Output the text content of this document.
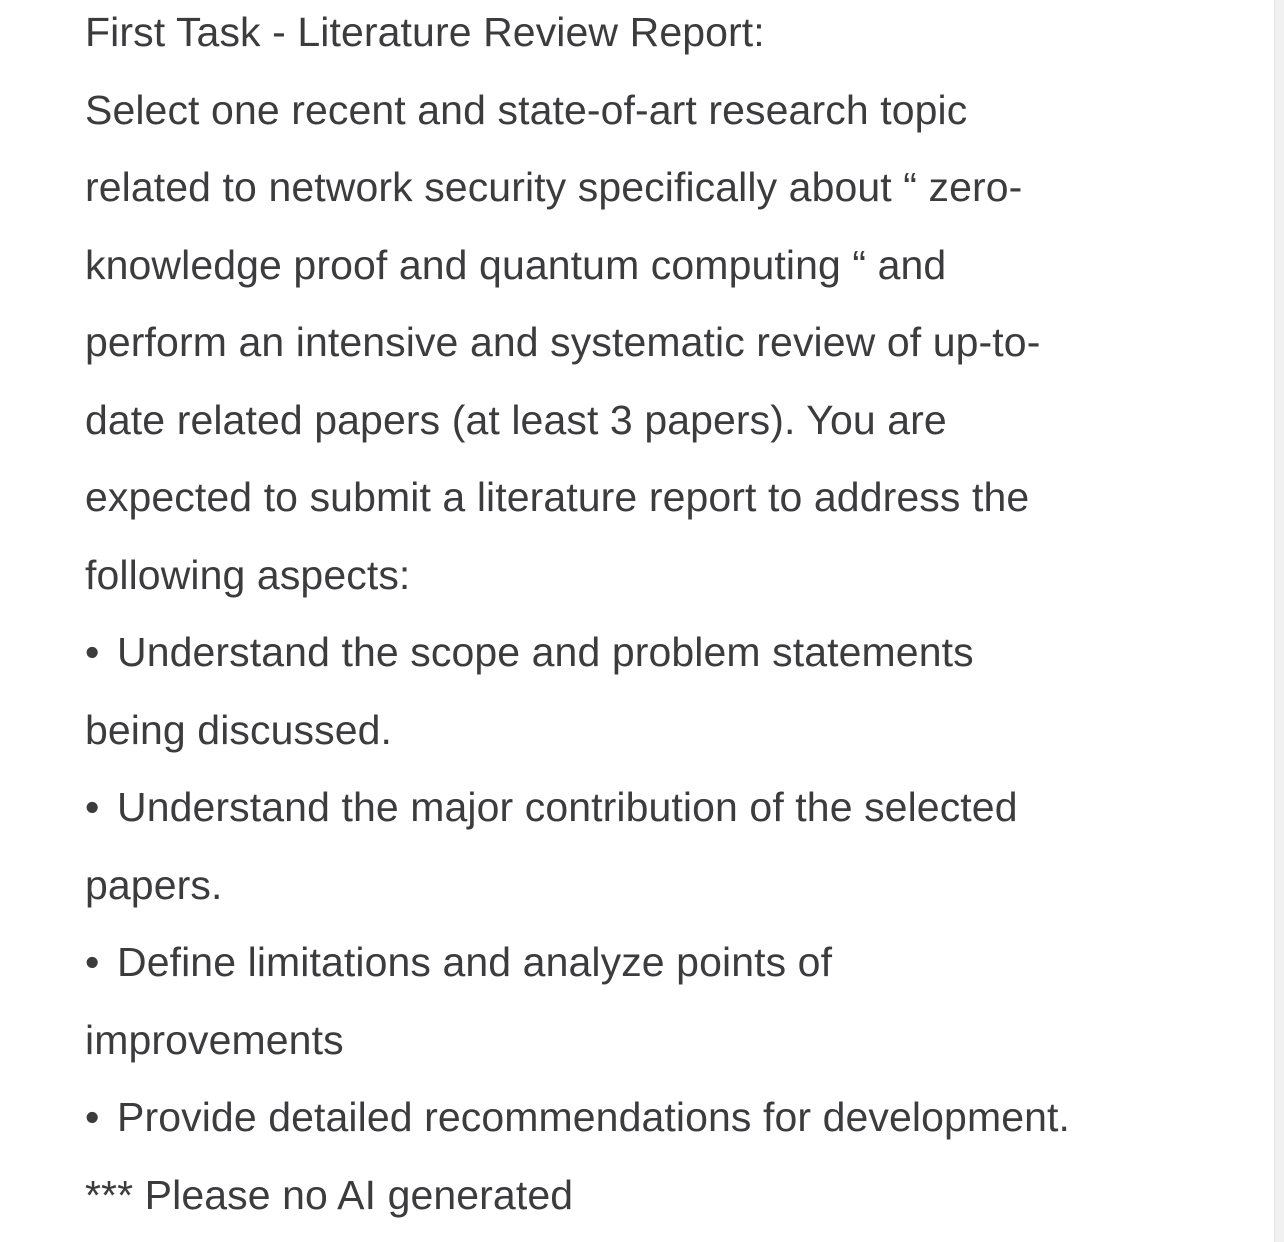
First Task - Literature Review Report:
Select one recent and state-of-art research topic
related to network security specifically about “ zero-
knowledge proof and quantum computing “ and
perform an intensive and systematic review of up-to-
date related papers (at least 3 papers). You are
expected to submit a literature report to address the
following aspects:
• Understand the scope and problem statements
being discussed.
• Understand the major contribution of the selected
papers.
• Define limitations and analyze points of
improvements
• Provide detailed recommendations for development.
*** Please no AI generated
